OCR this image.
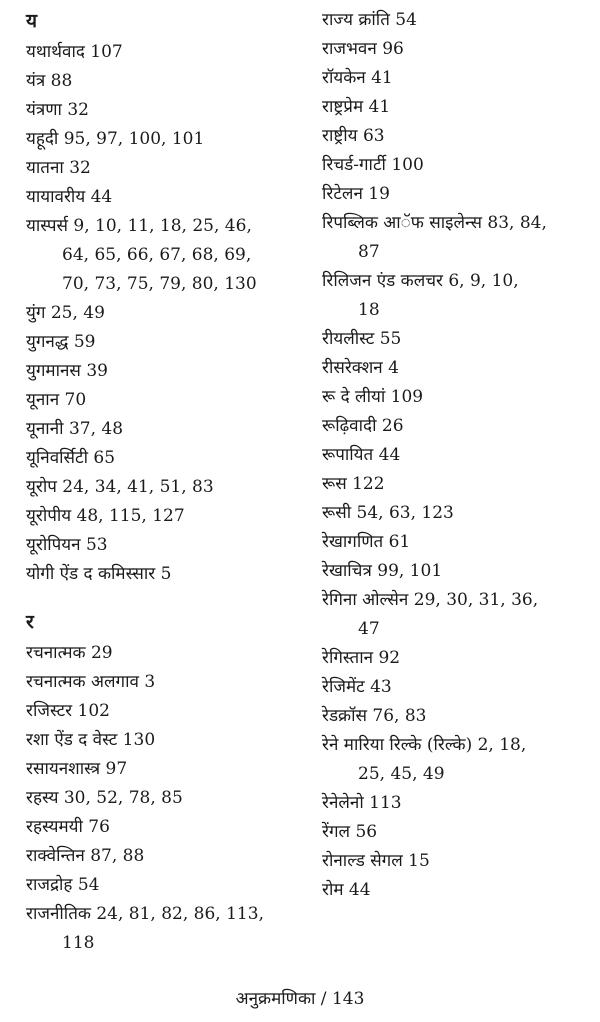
य
यथार्थवाद 107
यंत्र 88
यंत्रणा 32
यहूदी 95, 97, 100, 101
यातना 32
यायावरीय 44
यास्पर्स 9, 10, 11, 18, 25, 46,
64, 65, 66, 67, 68, 69,
70, 73, 75, 79, 80, 130
युंग 25, 49
युगनद्ध 59
युगमानस 39
यूनान 70
यूनानी 37, 48
यूनिवर्सिटी 65
यूरोप 24, 34, 41, 51, 83
यूरोपीय 48, 115, 127
यूरोपियन 53
योगी ऐंड द कमिस्सार 5
र
रचनात्मक 29
रचनात्मक अलगाव 3
रजिस्टर 102
रशा ऐंड द वेस्ट 130
रसायनशास्त्र 97
रहस्य 30, 52, 78, 85
रहस्यमयी 76
राक्वेन्तिन 87, 88
राजद्रोह 54
राजनीतिक 24, 81, 82, 86, 113,
118
राज्य क्रांति 54
राजभवन 96
रॉयकेन 41
राष्ट्रप्रेम 41
राष्ट्रीय 63
रिचर्ड-गार्टी 100
रिटेलन 19
रिपब्लिक आॅफ साइलेन्स 83, 84,
87
रिलिजन एंड कलचर 6, 9, 10,
18
रीयलीस्ट 55
रीसरेक्शन 4
रू दे लीयां 109
रूढ़िवादी 26
रूपायित 44
रूस 122
रूसी 54, 63, 123
रेखागणित 61
रेखाचित्र 99, 101
रेगिना ओल्सेन 29, 30, 31, 36,
47
रेगिस्तान 92
रेजिमेंट 43
रेडक्रॉस 76, 83
रेने मारिया रिल्के (रिल्के) 2, 18,
25, 45, 49
रेनेलेनो 113
रेंगल 56
रोनाल्ड सेगल 15
रोम 44
अनुक्रमणिका / 143
